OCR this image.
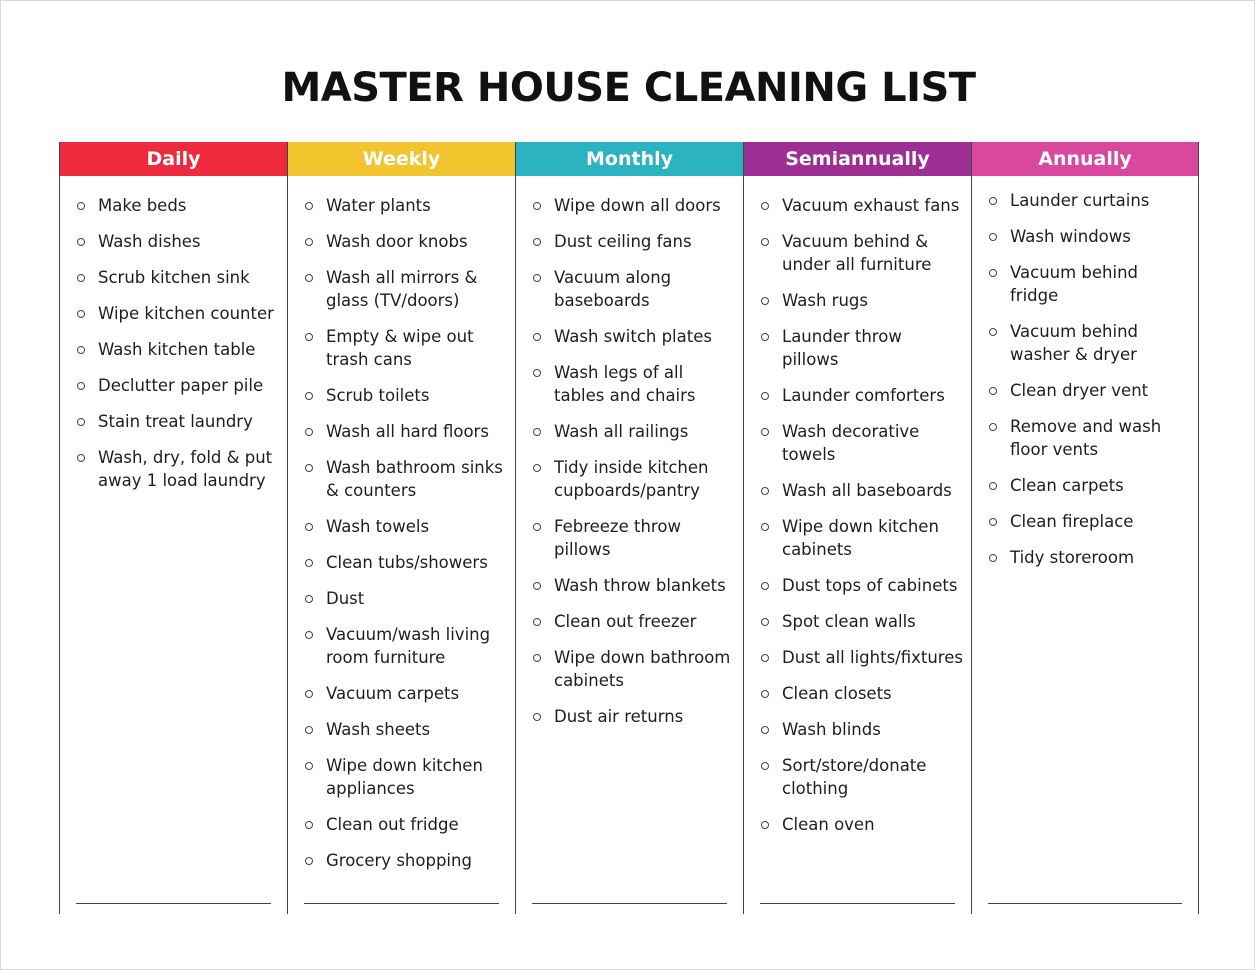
MASTER HOUSE CLEANING LIST
Daily
Make beds
Wash dishes
Scrub kitchen sink
Wipe kitchen counter
Wash kitchen table
Declutter paper pile
Stain treat laundry
Wash, dry, fold & put away 1 load laundry
Weekly
Water plants
Wash door knobs
Wash all mirrors & glass (TV/doors)
Empty & wipe out trash cans
Scrub toilets
Wash all hard floors
Wash bathroom sinks & counters
Wash towels
Clean tubs/showers
Dust
Vacuum/wash living room furniture
Vacuum carpets
Wash sheets
Wipe down kitchen appliances
Clean out fridge
Grocery shopping
Monthly
Wipe down all doors
Dust ceiling fans
Vacuum along baseboards
Wash switch plates
Wash legs of all tables and chairs
Wash all railings
Tidy inside kitchen cupboards/pantry
Febreeze throw pillows
Wash throw blankets
Clean out freezer
Wipe down bathroom cabinets
Dust air returns
Semiannually
Vacuum exhaust fans
Vacuum behind & under all furniture
Wash rugs
Launder throw pillows
Launder comforters
Wash decorative towels
Wash all baseboards
Wipe down kitchen cabinets
Dust tops of cabinets
Spot clean walls
Dust all lights/fixtures
Clean closets
Wash blinds
Sort/store/donate clothing
Clean oven
Annually
Launder curtains
Wash windows
Vacuum behind fridge
Vacuum behind washer & dryer
Clean dryer vent
Remove and wash floor vents
Clean carpets
Clean fireplace
Tidy storeroom
